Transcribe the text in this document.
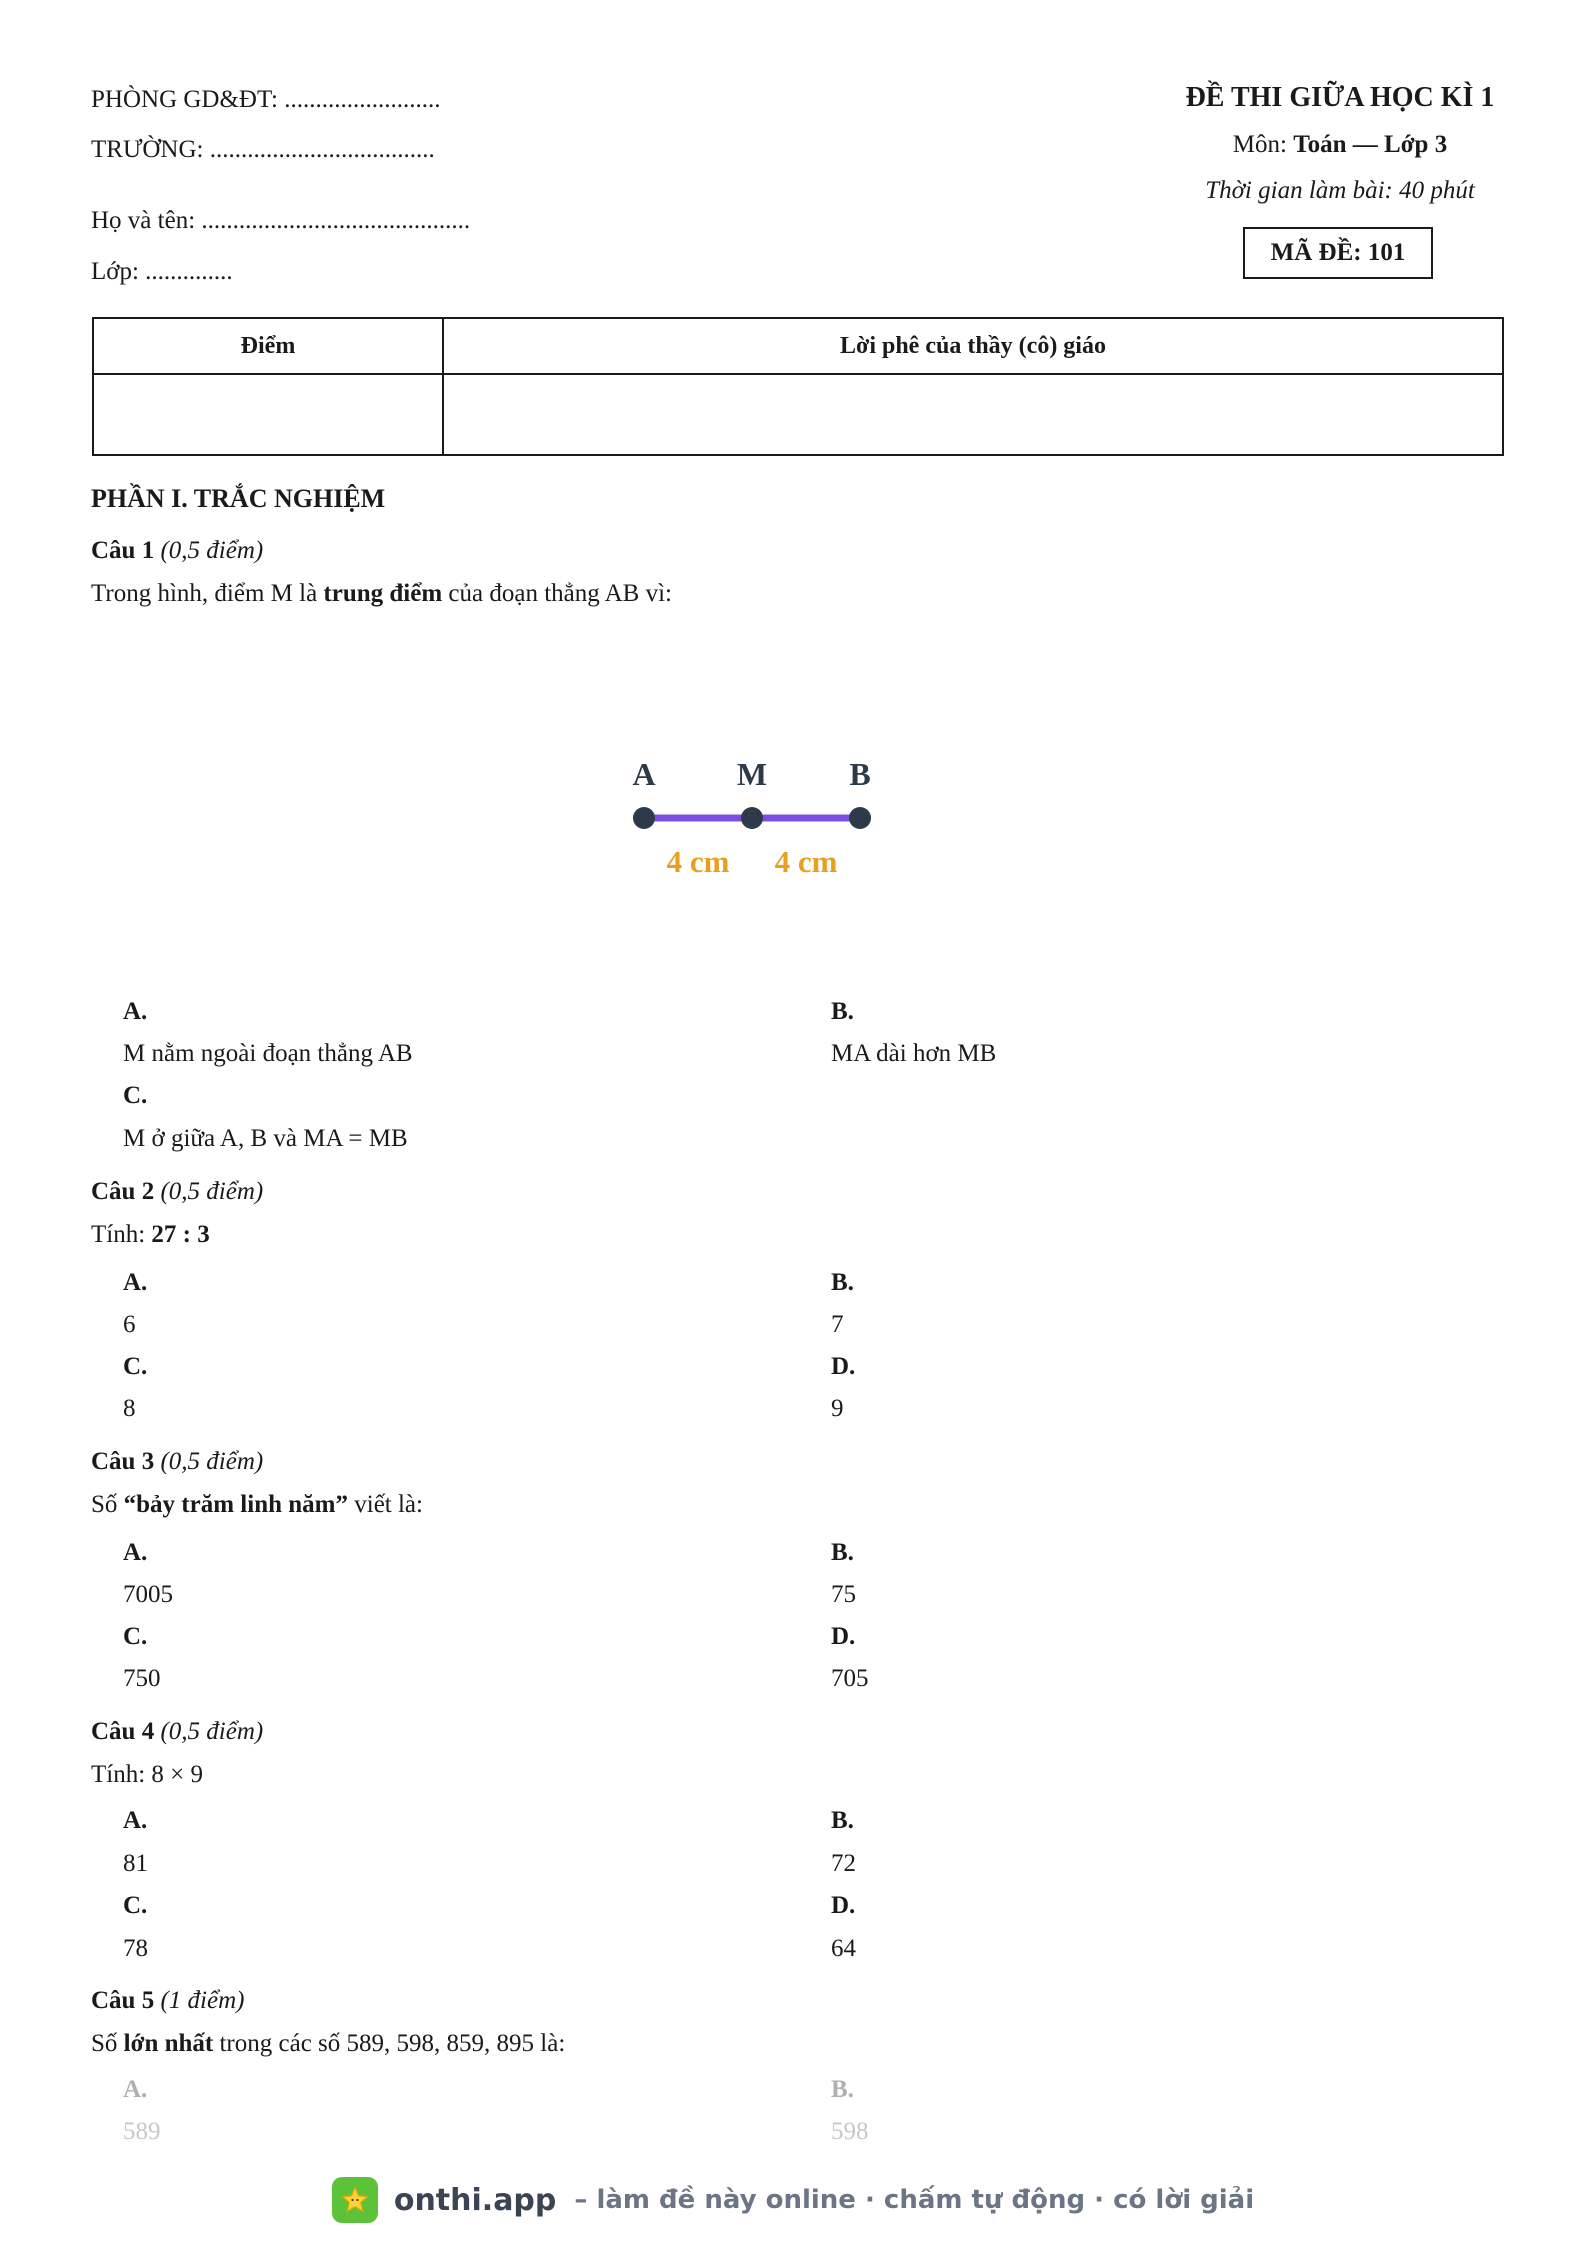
PHÒNG GD&ĐT: .........................
TRƯỜNG: ....................................
Họ và tên: ...........................................
Lớp: ..............
ĐỀ THI GIỮA HỌC KÌ 1
Môn: Toán — Lớp 3
Thời gian làm bài: 40 phút
MÃ ĐỀ: 101
Điểm	Lời phê của thầy (cô) giáo

PHẦN I. TRẮC NGHIỆM
Câu 1 (0,5 điểm)
Trong hình, điểm M là trung điểm của đoạn thẳng AB vì:
A	M	B
4 cm 4 cm
A.
M nằm ngoài đoạn thẳng AB
B.
MA dài hơn MB
C.
M ở giữa A, B và MA = MB
Câu 2 (0,5 điểm)
Tính: 27 : 3
A.
6
B.
7
C.
8
D.
9
Câu 3 (0,5 điểm)
Số “bảy trăm linh năm” viết là:
A.
7005
B.
75
C.
750
D.
705
Câu 4 (0,5 điểm)
Tính: 8 × 9
A.
81
B.
72
C.
78
D.
64
Câu 5 (1 điểm)
Số lớn nhất trong các số 589, 598, 859, 895 là:
A.
589
B.
598
onthi.app – làm đề này online · chấm tự động · có lời giải
